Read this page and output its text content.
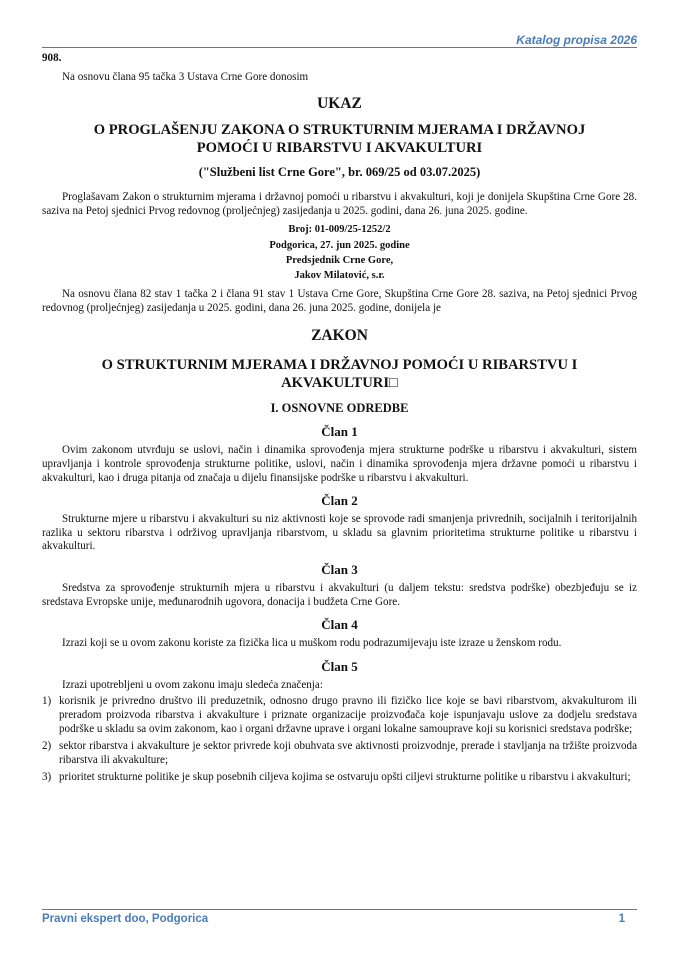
Katalog propisa 2026

908.

Na osnovu člana 95 tačka 3 Ustava Crne Gore donosim

UKAZ
O PROGLAŠENJU ZAKONA O STRUKTURNIM MJERAMA I DRŽAVNOJ POMOĆI U RIBARSTVU I AKVAKULTURI
("Službeni list Crne Gore", br. 069/25 od 03.07.2025)

Proglašavam Zakon o strukturnim mjerama i državnoj pomoći u ribarstvu i akvakulturi, koji je donijela Skupština Crne Gore 28. saziva na Petoj sjednici Prvog redovnog (proljećnjeg) zasijedanja u 2025. godini, dana 26. juna 2025. godine.

Broj: 01-009/25-1252/2
Podgorica, 27. jun 2025. godine
Predsjednik Crne Gore,
Jakov Milatović, s.r.

Na osnovu člana 82 stav 1 tačka 2 i člana 91 stav 1 Ustava Crne Gore, Skupština Crne Gore 28. saziva, na Petoj sjednici Prvog redovnog (proljećnjeg) zasijedanja u 2025. godini, dana 26. juna 2025. godine, donijela je

ZAKON
O STRUKTURNIM MJERAMA I DRŽAVNOJ POMOĆI U RIBARSTVU I AKVAKULTURI□
I. OSNOVNE ODREDBE
Član 1

Ovim zakonom utvrđuju se uslovi, način i dinamika sprovođenja mjera strukturne podrške u ribarstvu i akvakulturi, sistem upravljanja i kontrole sprovođenja strukturne politike, uslovi, način i dinamika sprovođenja mjera državne pomoći u ribarstvu i akvakulturi, kao i druga pitanja od značaja u dijelu finansijske podrške u ribarstvu i akvakulturi.

Član 2

Strukturne mjere u ribarstvu i akvakulturi su niz aktivnosti koje se sprovode radi smanjenja privrednih, socijalnih i teritorijalnih razlika u sektoru ribarstva i održivog upravljanja ribarstvom, u skladu sa glavnim prioritetima strukturne politike u ribarstvu i akvakulturi.

Član 3

Sredstva za sprovođenje strukturnih mjera u ribarstvu i akvakulturi (u daljem tekstu: sredstva podrške) obezbjeđuju se iz sredstava Evropske unije, međunarodnih ugovora, donacija i budžeta Crne Gore.

Član 4

Izrazi koji se u ovom zakonu koriste za fizička lica u muškom rodu podrazumijevaju iste izraze u ženskom rodu.

Član 5

Izrazi upotrebljeni u ovom zakonu imaju sledeća značenja:

1) korisnik je privredno društvo ili preduzetnik, odnosno drugo pravno ili fizičko lice koje se bavi ribarstvom, akvakulturom ili preradom proizvoda ribarstva i akvakulture i priznate organizacije proizvođača koje ispunjavaju uslove za dodjelu sredstava podrške u skladu sa ovim zakonom, kao i organi državne uprave i organi lokalne samouprave koji su korisnici sredstava podrške;
2) sektor ribarstva i akvakulture je sektor privrede koji obuhvata sve aktivnosti proizvodnje, prerade i stavljanja na tržište proizvoda ribarstva ili akvakulture;
3) prioritet strukturne politike je skup posebnih ciljeva kojima se ostvaruju opšti ciljevi strukturne politike u ribarstvu i akvakulturi;
Pravni ekspert doo, Podgorica	1
